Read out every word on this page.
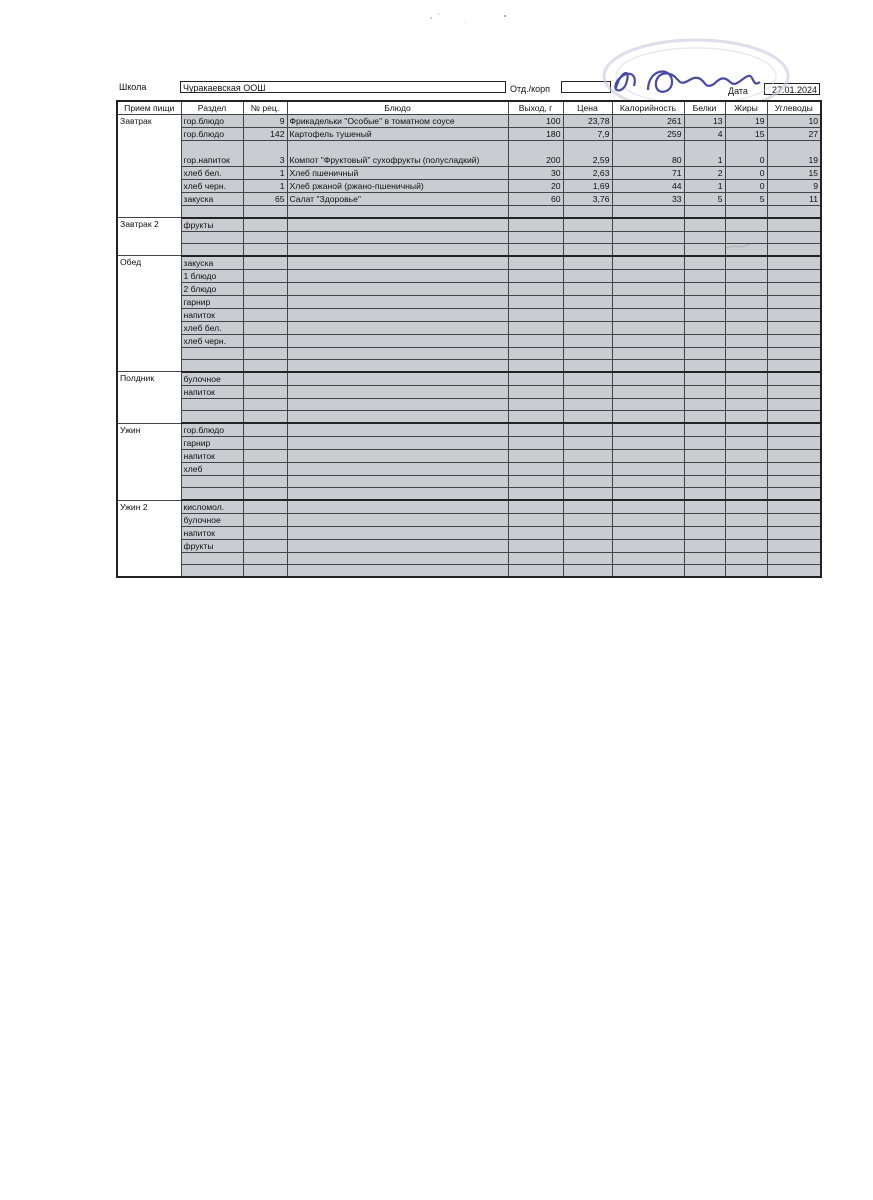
Школа	Чуракаевская ООШ	Отд./корп	Дата	27.01.2024
Прием пищи	Раздел	№ рец.	Блюдо	Выход, г	Цена	Калорийность	Белки	Жиры	Углеводы
Завтрак	гор.блюдо	9	Фрикадельки "Особые" в томатном соусе	100	23,78	261	13	19	10
	гор.блюдо	142	Картофель тушеный	180	7,9	259	4	15	27
	гор.напиток	3	Компот "Фруктовый" сухофрукты (полусладкий)	200	2,59	80	1	0	19
	хлеб бел.	1	Хлеб пшеничный	30	2,63	71	2	0	15
	хлеб черн.	1	Хлеб ржаной (ржано-пшеничный)	20	1,69	44	1	0	9
	закуска	65	Салат "Здоровье"	60	3,76	33	5	5	11

Завтрак 2	фрукты								

Обед	закуска								
	1 блюдо								
	2 блюдо								
	гарнир								
	напиток								
	хлеб бел.								
	хлеб черн.								

Полдник	булочное								
	напиток								

Ужин	гор.блюдо								
	гарнир								
	напиток								
	хлеб								

Ужин 2	кисломол.								
	булочное								
	напиток								
	фрукты								
